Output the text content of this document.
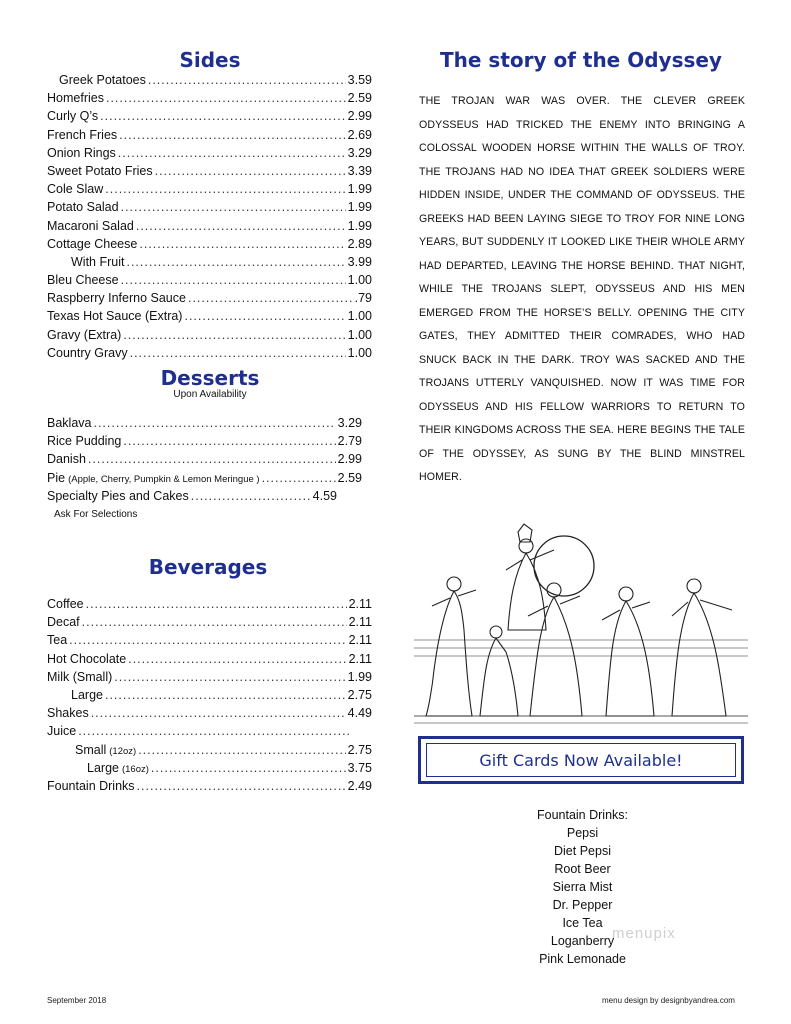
Sides
Greek Potatoes .....	3.59
Homefries .....	2.59
Curly Q’s .....	2.99
French Fries .....	2.69
Onion Rings .....	3.29
Sweet Potato Fries .....	3.39
Cole Slaw .....	1.99
Potato Salad .....	1.99
Macaroni Salad .....	1.99
Cottage Cheese .....	2.89
With Fruit .....	3.99
Bleu Cheese .....	1.00
Raspberry Inferno Sauce .....	.79
Texas Hot Sauce (Extra) .....	1.00
Gravy (Extra) .....	1.00
Country Gravy .....	1.00
Desserts
Upon Availability
Baklava .....	3.29
Rice Pudding .....	2.79
Danish .....	2.99
Pie (Apple, Cherry, Pumpkin & Lemon Meringue ) .....	2.59
Specialty Pies and Cakes .....	4.59
Ask For Selections
Beverages
Coffee .....	2.11
Decaf .....	2.11
Tea .....	2.11
Hot Chocolate .....	2.11
Milk (Small) .....	1.99
Large .....	2.75
Shakes .....	4.49
Juice
.....
Small (12oz) .....	2.75
Large (16oz) .....	3.75
Fountain Drinks .....	2.49
The story of the Odyssey

THE TROJAN WAR WAS OVER. THE CLEVER GREEK ODYSSEUS HAD TRICKED THE ENEMY INTO BRINGING A COLOSSAL WOODEN HORSE WITHIN THE WALLS OF TROY. THE TROJANS HAD NO IDEA THAT GREEK SOLDIERS WERE HIDDEN INSIDE, UNDER THE COMMAND OF ODYSSEUS. THE GREEKS HAD BEEN LAYING SIEGE TO TROY FOR NINE LONG YEARS, BUT SUDDENLY IT LOOKED LIKE THEIR WHOLE ARMY HAD DEPARTED, LEAVING THE HORSE BEHIND. THAT NIGHT, WHILE THE TROJANS SLEPT, ODYSSEUS AND HIS MEN EMERGED FROM THE HORSE’S BELLY. OPENING THE CITY GATES, THEY ADMITTED THEIR COMRADES, WHO HAD SNUCK BACK IN THE DARK. TROY WAS SACKED AND THE TROJANS UTTERLY VANQUISHED. NOW IT WAS TIME FOR ODYSSEUS AND HIS FELLOW WARRIORS TO RETURN TO THEIR KINGDOMS ACROSS THE SEA. HERE BEGINS THE TALE OF THE ODYSSEY, AS SUNG BY THE BLIND MINSTREL HOMER.

Gift Cards Now Available!
Fountain Drinks:
Pepsi
Diet Pepsi
Root Beer
Sierra Mist
Dr. Pepper
Ice Tea
Loganberry
Pink Lemonade
menupix
September 2018	menu design by designbyandrea.com
